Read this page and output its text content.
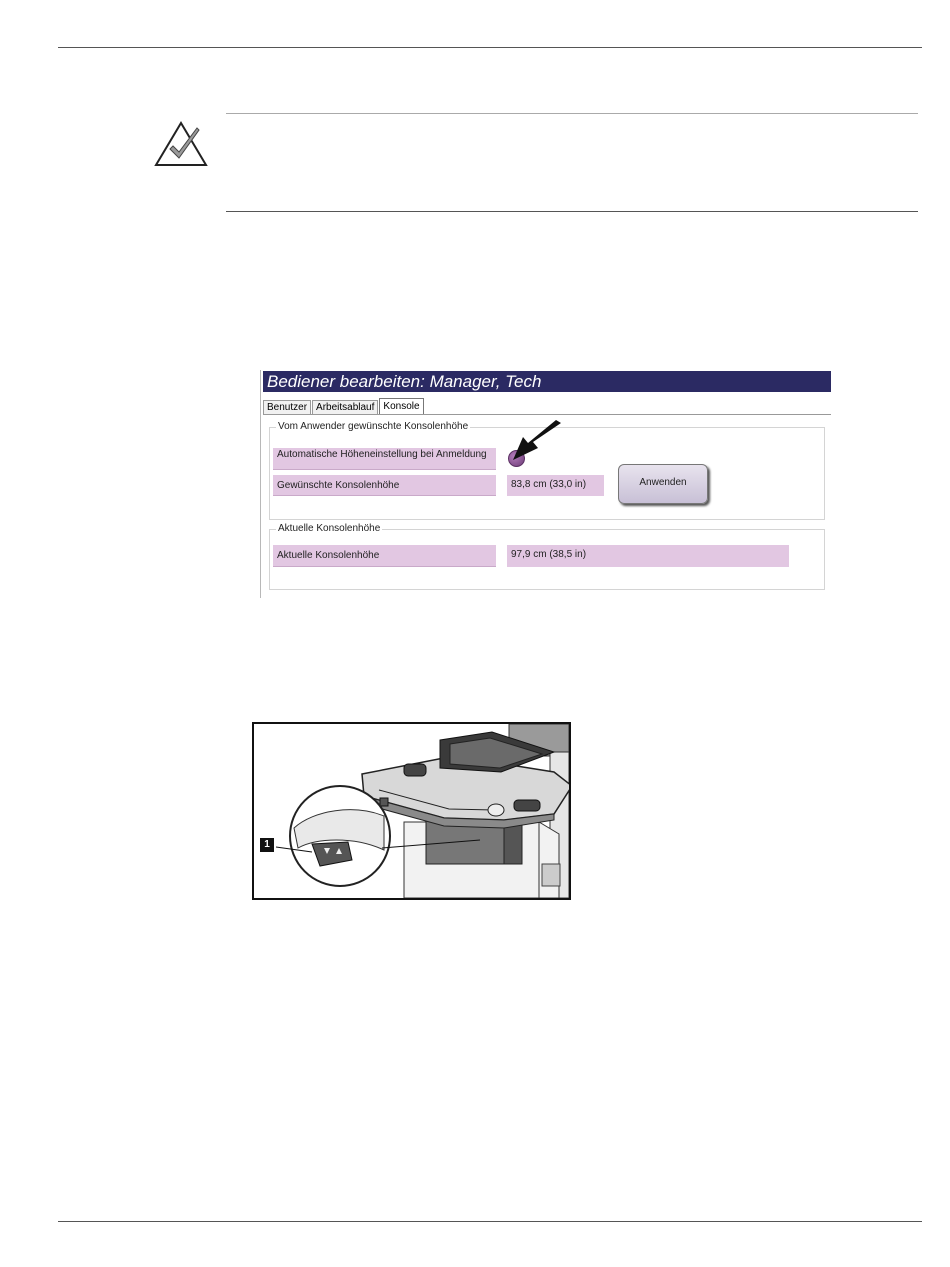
Bediener bearbeiten: Manager, Tech
Benutzer Arbeitsablauf Konsole
Vom Anwender gewünschte Konsolenhöhe
Automatische Höheneinstellung bei Anmeldung
Gewünschte Konsolenhöhe	83,8 cm (33,0 in)	Anwenden
Aktuelle Konsolenhöhe
Aktuelle Konsolenhöhe	97,9 cm (38,5 in)
1
